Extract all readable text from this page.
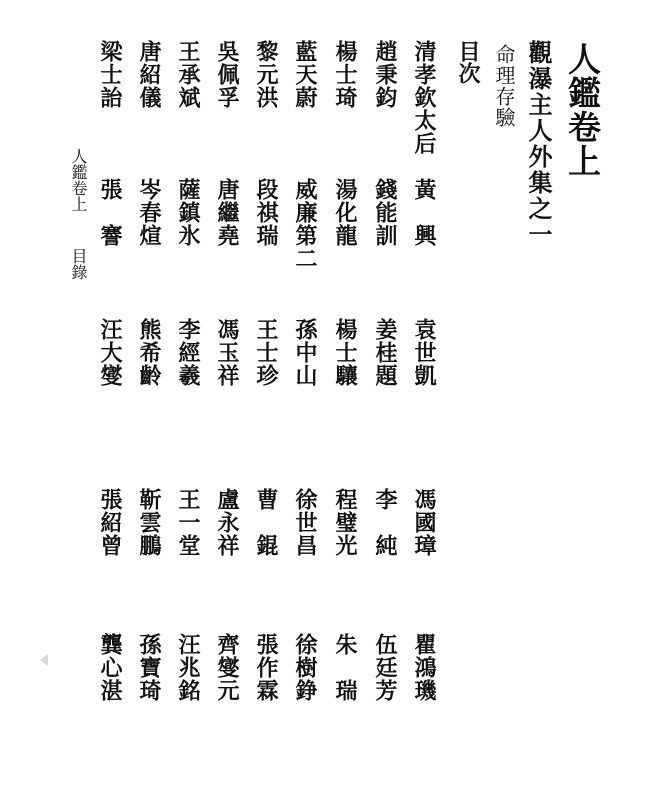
人鑑卷上
觀瀑主人外集之一
命理存驗
目次
清孝欽太后
黃　興
袁世凱
馮國璋
瞿鴻璣
趙秉鈞
錢能訓
姜桂題
李　純
伍廷芳
楊士琦
湯化龍
楊士驤
程璧光
朱　瑞
藍天蔚
威廉第二
孫中山
徐世昌
徐樹錚
黎元洪
段祺瑞
王士珍
曹　錕
張作霖
吳佩孚
唐繼堯
馮玉祥
盧永祥
齊燮元
王承斌
薩鎮氷
李經羲
王一堂
汪兆銘
唐紹儀
岑春煊
熊希齡
靳雲鵬
孫寶琦
梁士詒
張　謇
汪大燮
張紹曾
龔心湛
人鑑卷上目錄
